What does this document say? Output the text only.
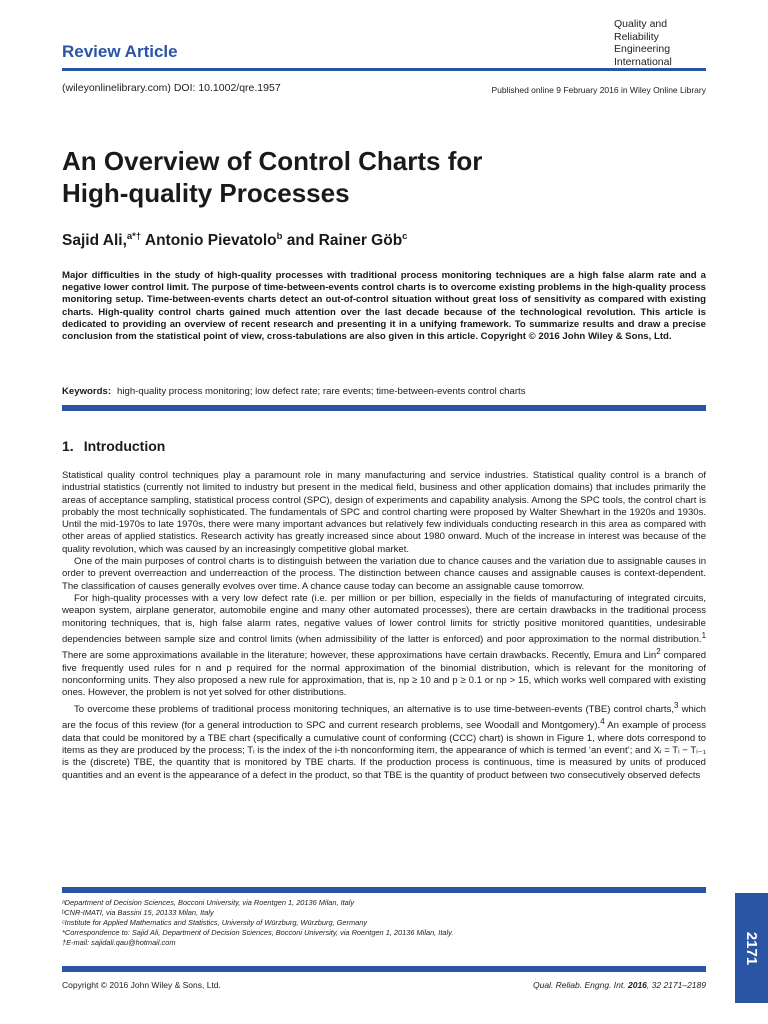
Review Article
Quality and
Reliability
Engineering
International
(wileyonlinelibrary.com) DOI: 10.1002/qre.1957	Published online 9 February 2016 in Wiley Online Library
An Overview of Control Charts for
High-quality Processes
Sajid Ali,$^{a*\dagger}$ Antonio Pievatolo$^b$ and Rainer Göb$^c$
Major difficulties in the study of high-quality processes with traditional process monitoring techniques are a high false alarm rate and a negative lower control limit. The purpose of time-between-events control charts is to overcome existing problems in the high-quality process monitoring setup. Time-between-events charts detect an out-of-control situation without great loss of sensitivity as compared with existing charts. High-quality control charts gained much attention over the last decade because of the technological revolution. This article is dedicated to providing an overview of recent research and presenting it in a unifying framework. To summarize results and draw a precise conclusion from the statistical point of view, cross-tabulations are also given in this article. Copyright © 2016 John Wiley & Sons, Ltd.
Keywords: high-quality process monitoring; low defect rate; rare events; time-between-events control charts
1. Introduction

Statistical quality control techniques play a paramount role in many manufacturing and service industries. Statistical quality control is a branch of industrial statistics (currently not limited to industry but present in the medical field, business and other application domains) that includes primarily the areas of acceptance sampling, statistical process control (SPC), design of experiments and capability analysis. Among the SPC tools, the control chart is probably the most technically sophisticated. The fundamentals of SPC and control charting were proposed by Walter Shewhart in the 1920s and 1930s. Until the mid-1970s to late 1970s, there were many important advances but relatively few individuals conducting research in this area as compared with other areas of applied statistics. Research activity has greatly increased since about 1980 onward. Much of the increase in interest was because of the quality revolution, which was caused by an increasingly competitive global market.

One of the main purposes of control charts is to distinguish between the variation due to chance causes and the variation due to assignable causes in order to prevent overreaction and underreaction of the process. The distinction between chance causes and assignable causes is context-dependent. The classification of causes generally evolves over time. A chance cause today can become an assignable cause tomorrow.

For high-quality processes with a very low defect rate (i.e. per million or per billion, especially in the fields of manufacturing of integrated circuits, weapon system, airplane generator, automobile engine and many other automated processes), there are certain drawbacks in the traditional process monitoring techniques, that is, high false alarm rates, negative values of lower control limits for strictly positive monitored quantities, undesirable dependencies between sample size and control limits (when admissibility of the latter is enforced) and poor approximation to the normal distribution.$^1$ There are some approximations available in the literature; however, these approximations have certain drawbacks. Recently, Emura and Lin$^2$ compared five frequently used rules for n and p required for the normal approximation of the binomial distribution, which is relevant for the monitoring of nonconforming units. They also proposed a new rule for approximation, that is, np ≥ 10 and p ≥ 0.1 or np > 15, which works well compared with existing ones. However, the problem is not yet solved for other distributions.

To overcome these problems of traditional process monitoring techniques, an alternative is to use time-between-events (TBE) control charts,$^3$ which are the focus of this review (for a general introduction to SPC and current research problems, see Woodall and Montgomery).$^4$ An example of process data that could be monitored by a TBE chart (specifically a cumulative count of conforming (CCC) chart) is shown in Figure 1, where dots correspond to items as they are produced by the process; Tᵢ is the index of the i-th nonconforming item, the appearance of which is termed ‘an event’; and Xᵢ = Tᵢ − Tᵢ₋₁ is the (discrete) TBE, the quantity that is monitored by TBE charts. If the production process is continuous, time is measured by units of produced quantities and an event is the appearance of a defect in the product, so that TBE is the quantity of product between two consecutively observed defects

ᵃDepartment of Decision Sciences, Bocconi University, via Roentgen 1, 20136 Milan, Italy
ᵇCNR-IMATI, via Bassini 15, 20133 Milan, Italy
ᶜInstitute for Applied Mathematics and Statistics, University of Würzburg, Würzburg, Germany
*Correspondence to: Sajid Ali, Department of Decision Sciences, Bocconi University, via Roentgen 1, 20136 Milan, Italy.
†E-mail: sajidali.qau@hotmail.com
Copyright © 2016 John Wiley & Sons, Ltd.	Qual. Reliab. Engng. Int. 2016, 32 2171–2189
2171
